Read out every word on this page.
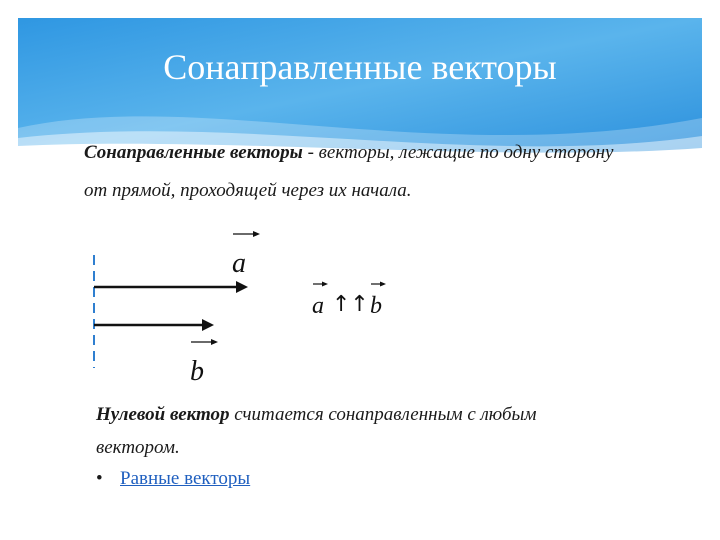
Сонаправленные векторы
Сонаправленные векторы - векторы, лежащие по одну сторону от прямой, проходящей через их начала.
a
b
a ↑↑ b
Нулевой вектор считается сонаправленным с любым вектором.
• Равные векторы
